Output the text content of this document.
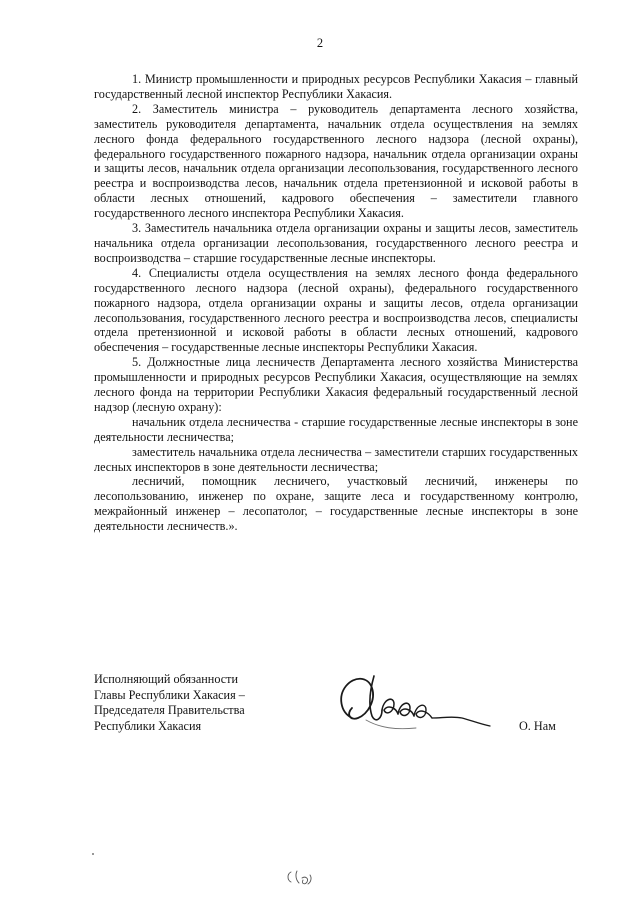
2

1. Министр промышленности и природных ресурсов Республики Хакасия – главный государственный лесной инспектор Республики Хакасия.

2. Заместитель министра – руководитель департамента лесного хозяйства, заместитель руководителя департамента, начальник отдела осуществления на землях лесного фонда федерального государственного лесного надзора (лесной охраны), федерального государственного пожарного надзора, начальник отдела организации охраны и защиты лесов, начальник отдела организации лесопользования, государственного лесного реестра и воспроизводства лесов, начальник отдела претензионной и исковой работы в области лесных отношений, кадрового обеспечения – заместители главного государственного лесного инспектора Республики Хакасия.

3. Заместитель начальника отдела организации охраны и защиты лесов, заместитель начальника отдела организации лесопользования, государственного лесного реестра и воспроизводства – старшие государственные лесные инспекторы.

4. Специалисты отдела осуществления на землях лесного фонда федерального государственного лесного надзора (лесной охраны), федерального государственного пожарного надзора, отдела организации охраны и защиты лесов, отдела организации лесопользования, государственного лесного реестра и воспроизводства лесов, специалисты отдела претензионной и исковой работы в области лесных отношений, кадрового обеспечения – государственные лесные инспекторы Республики Хакасия.

5. Должностные лица лесничеств Департамента лесного хозяйства Министерства промышленности и природных ресурсов Республики Хакасия, осуществляющие на землях лесного фонда на территории Республики Хакасия федеральный государственный лесной надзор (лесную охрану):

начальник отдела лесничества - старшие государственные лесные инспекторы в зоне деятельности лесничества;

заместитель начальника отдела лесничества – заместители старших государственных лесных инспекторов в зоне деятельности лесничества;

лесничий, помощник лесничего, участковый лесничий, инженеры по лесопользованию, инженер по охране, защите леса и государственному контролю, межрайонный инженер – лесопатолог, – государственные лесные инспекторы в зоне деятельности лесничеств.».

Исполняющий обязанности
Главы Республики Хакасия –
Председателя Правительства
Республики Хакасия	О. Нам
